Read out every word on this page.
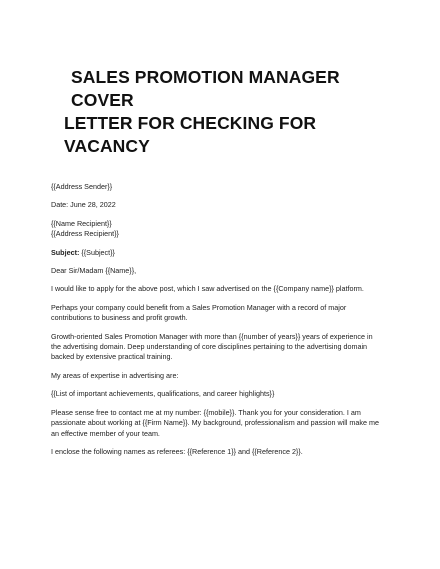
SALES PROMOTION MANAGER COVER
LETTER FOR CHECKING FOR VACANCY

{{Address Sender}}

Date: June 28, 2022

{{Name Recipient}}
{{Address Recipient}}

Subject: {{Subject}}

Dear Sir/Madam {{Name}},

I would like to apply for the above post, which I saw advertised on the {{Company name}} platform.

Perhaps your company could benefit from a Sales Promotion Manager with a record of major
contributions to business and profit growth.

Growth-oriented Sales Promotion Manager with more than {{number of years}} years of experience in
the advertising domain. Deep understanding of core disciplines pertaining to the advertising domain
backed by extensive practical training.

My areas of expertise in advertising are:

{{List of important achievements, qualifications, and career highlights}}

Please sense free to contact me at my number: {{mobile}}. Thank you for your consideration. I am
passionate about working at {{Firm Name}}. My background, professionalism and passion will make me
an effective member of your team.

I enclose the following names as referees: {{Reference 1}} and {{Reference 2}}.
